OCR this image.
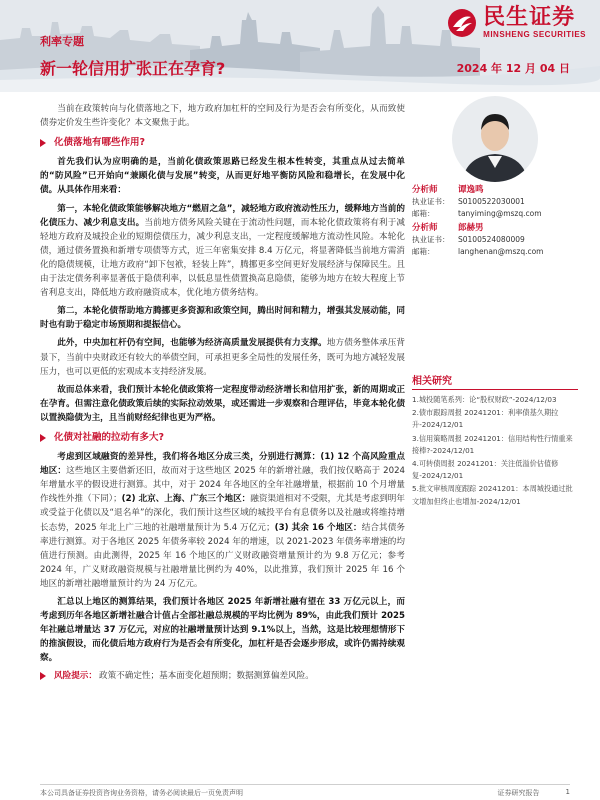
民生证券
MINSHENG SECURITIES
利率专题
新一轮信用扩张正在孕育?	2024 年 12 月 04 日

当前在政策转向与化债落地之下，地方政府加杠杆的空间及行为是否会有所变化，从而致使债券定价发生些许变化？本文聚焦于此。

化债落地有哪些作用?

首先我们认为应明确的是，当前化债政策思路已经发生根本性转变，其重点从过去简单的“防风险”已开始向“兼顾化债与发展”转变，从而更好地平衡防风险和稳增长，在发展中化债。从具体作用来看：

第一，本轮化债政策能够解决地方“燃眉之急”，减轻地方政府流动性压力，缓释地方当前的化债压力、减少利息支出。当前地方债务风险关键在于流动性问题，而本轮化债政策将有利于减轻地方政府及城投企业的短期偿债压力，减少利息支出，一定程度缓解地方流动性风险。本轮化债，通过债务置换和新增专项债等方式，近三年密集安排 8.4 万亿元，将显著降低当前地方需消化的隐债规模，让地方政府“卸下包袱，轻装上阵”，腾挪更多空间更好发展经济与保障民生。且由于法定债务利率显著低于隐债利率，以低息显性债置换高息隐债，能够为地方在较大程度上节省利息支出，降低地方政府融资成本，优化地方债务结构。

第二，本轮化债帮助地方腾挪更多资源和政策空间，腾出时间和精力，增强其发展动能，同时也有助于稳定市场预期和提振信心。

此外，中央加杠杆仍有空间，也能够为经济高质量发展提供有力支撑。地方债务整体承压背景下，当前中央财政还有较大的举债空间，可承担更多全局性的发展任务，既可为地方减轻发展压力，也可以更低的宏观成本支持经济发展。

故而总体来看，我们预计本轮化债政策将一定程度带动经济增长和信用扩张，新的周期或正在孕育。但需注意化债政策后续的实际拉动效果，或还需进一步观察和合理评估，毕竟本轮化债以置换隐债为主，且当前财经纪律也更为严格。

化债对社融的拉动有多大?

考虑到区域融资的差异性，我们将各地区分成三类，分别进行测算：(1) 12 个高风险重点地区：这些地区主要借新还旧，故而对于这些地区 2025 年的新增社融，我们按仅略高于 2024 年增量水平的假设进行测算。其中，对于 2024 年各地区的全年社融增量，根据前 10 个月增量作线性外推（下同）；(2) 北京、上海、广东三个地区：融资渠道相对不受限，尤其是考虑到明年或受益于化债以及“退名单”的深化，我们预计这些区域的城投平台有息债务以及社融或将维持增长态势，2025 年北上广三地的社融增量预计为 5.4 万亿元；(3) 其余 16 个地区：结合其债务率进行测算。对于各地区 2025 年债务率较 2024 年的增速，以 2021-2023 年债务率增速的均值进行预测。由此测得，2025 年 16 个地区的广义财政融资增量预计约为 9.8 万亿元；参考 2024 年，广义财政融资规模与社融增量比例约为 40%，以此推算，我们预计 2025 年 16 个地区的新增社融增量预计约为 24 万亿元。

汇总以上地区的测算结果，我们预计各地区 2025 年新增社融有望在 33 万亿元以上，而考虑到历年各地区新增社融合计值占全部社融总规模的平均比例为 89%，由此我们预计 2025 年社融总增量达 37 万亿元，对应的社融增量预计达到 9.1%以上，当然，这是比较理想情形下的推演假设，而化债后地方政府行为是否会有所变化，加杠杆是否会逐步形成，或许仍需持续观察。

风险提示： 政策不确定性；基本面变化超预期；数据测算偏差风险。
分析师	谭逸鸣
执业证书：	S0100522030001
邮箱：	tanyiming@mszq.com
分析师	郎赫男
执业证书：	S0100524080009
邮箱：	langhenan@mszq.com
相关研究
1.城投随笔系列：论“股权财政”-2024/12/03
2.债市跟踪周报 20241201：利率债基久期拉升-2024/12/01
3.信用策略周报 20241201：信用结构性行情重来接棒?-2024/12/01
4.可转债周报 20241201：关注低溢价估值修复-2024/12/01
5.批文审核周度跟踪 20241201：本周城投通过批文增加但终止也增加-2024/12/01
本公司具备证券投资咨询业务资格，请务必阅读最后一页免责声明	证券研究报告	1
